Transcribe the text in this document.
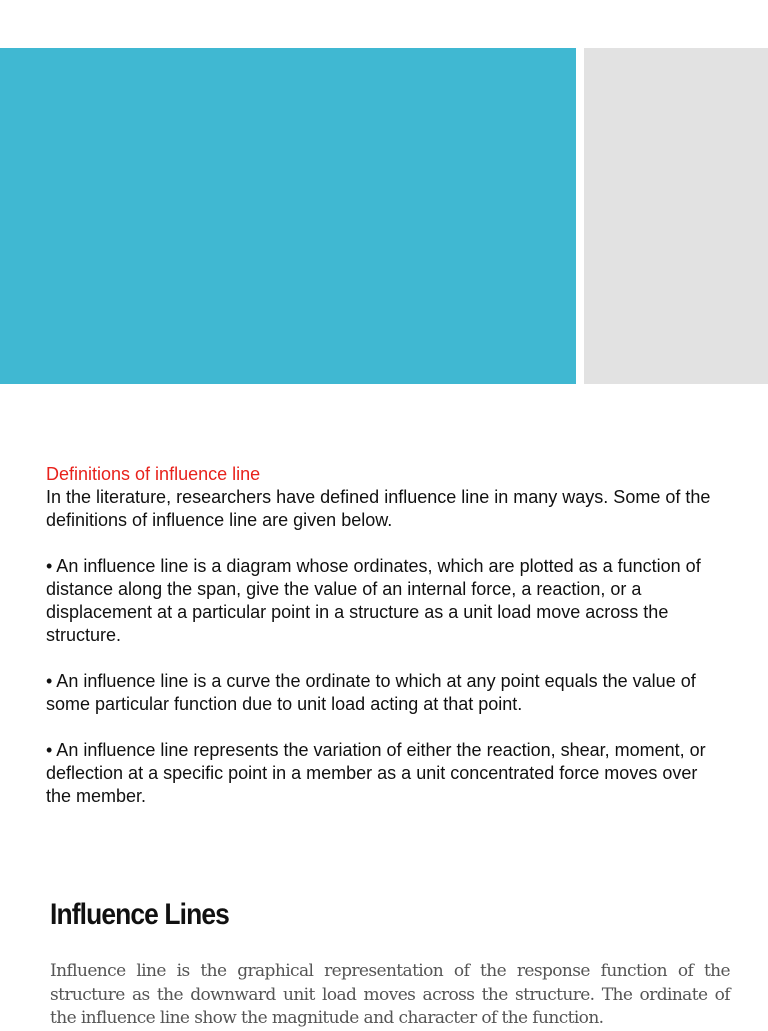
Definitions of influence line

In the literature, researchers have defined influence line in many ways. Some of the definitions of influence line are given below.

• An influence line is a diagram whose ordinates, which are plotted as a function of distance along the span, give the value of an internal force, a reaction, or a displacement at a particular point in a structure as a unit load move across the structure.

• An influence line is a curve the ordinate to which at any point equals the value of some particular function due to unit load acting at that point.

• An influence line represents the variation of either the reaction, shear, moment, or deflection at a specific point in a member as a unit concentrated force moves over the member.

Influence Lines

Influence line is the graphical representation of the response function of the structure as the downward unit load moves across the structure. The ordinate of the influence line show the magnitude and character of the function.
